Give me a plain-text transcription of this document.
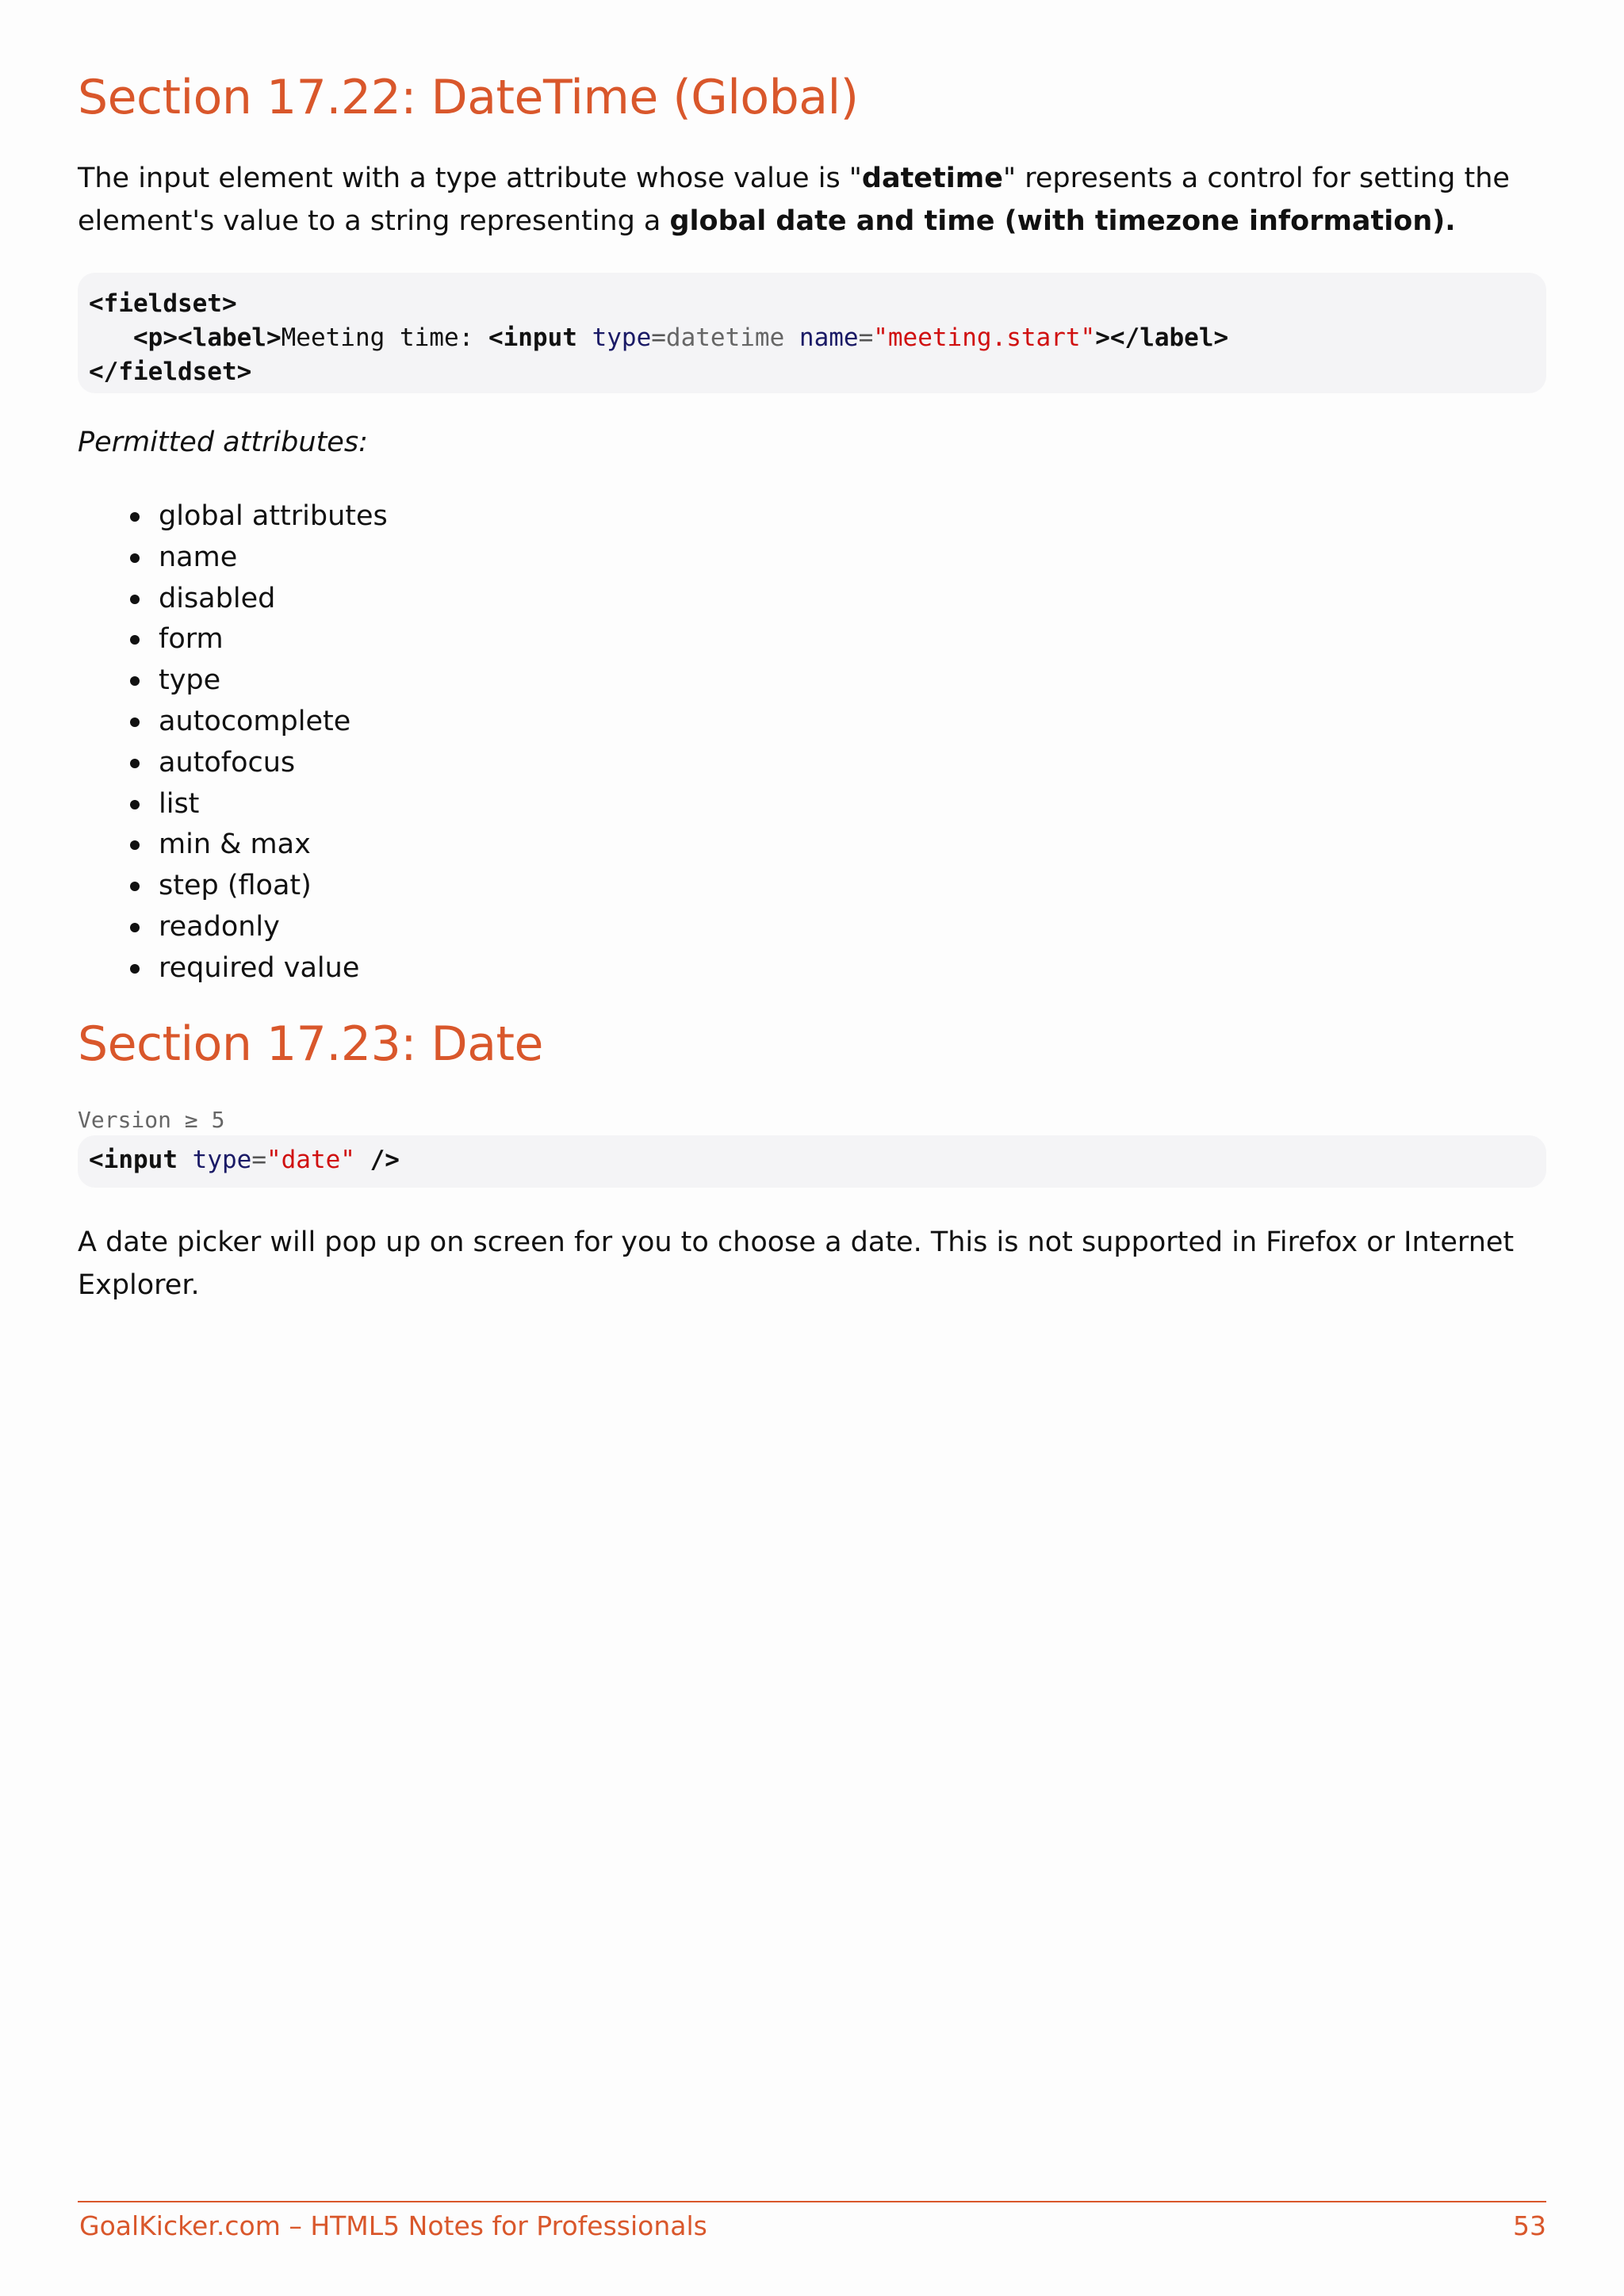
Section 17.22: DateTime (Global)

The input element with a type attribute whose value is "datetime" represents a control for setting the element's value to a string representing a global date and time (with timezone information).

<fieldset>
<p><label>Meeting time: <input type=datetime name="meeting.start"></label>
</fieldset>

Permitted attributes:

global attributes
name
disabled
form
type
autocomplete
autofocus
list
min & max
step (float)
readonly
required value
Section 17.23: Date

Version ≥ 5

<input type="date" />

A date picker will pop up on screen for you to choose a date. This is not supported in Firefox or Internet Explorer.

GoalKicker.com – HTML5 Notes for Professionals	53
